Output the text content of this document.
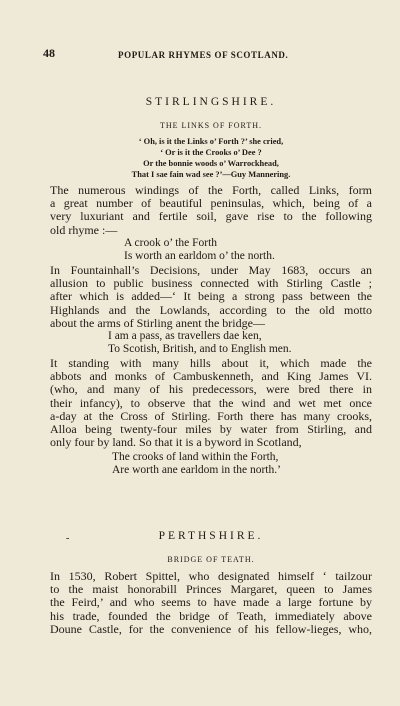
48	POPULAR RHYMES OF SCOTLAND.
STIRLINGSHIRE.
THE LINKS OF FORTH.
‘ Oh, is it the Links o’ Forth ?’ she cried,
‘ Or is it the Crooks o’ Dee ?
Or the bonnie woods o’ Warrockhead,
That I sae fain wad see ?’—Guy Mannering.
The numerous windings of the Forth, called Links, form
a great number of beautiful peninsulas, which, being of a
very luxuriant and fertile soil, gave rise to the following
old rhyme :—
A crook o’ the Forth
Is worth an earldom o’ the north.
In Fountainhall’s Decisions, under May 1683, occurs an
allusion to public business connected with Stirling Castle ;
after which is added—‘ It being a strong pass between the
Highlands and the Lowlands, according to the old motto
about the arms of Stirling anent the bridge—
I am a pass, as travellers dae ken,
To Scotish, British, and to English men.
It standing with many hills about it, which made the
abbots and monks of Cambuskenneth, and King James VI.
(who, and many of his predecessors, were bred there in
their infancy), to observe that the wind and wet met once
a-day at the Cross of Stirling. Forth there has many crooks,
Alloa being twenty-four miles by water from Stirling, and
only four by land. So that it is a byword in Scotland,
The crooks of land within the Forth,
Are worth ane earldom in the north.’
-	PERTHSHIRE.
BRIDGE OF TEATH.
In 1530, Robert Spittel, who designated himself ‘ tailzour
to the maist honorabill Princes Margaret, queen to James
the Feird,’ and who seems to have made a large fortune by
his trade, founded the bridge of Teath, immediately above
Doune Castle, for the convenience of his fellow-lieges, who,
